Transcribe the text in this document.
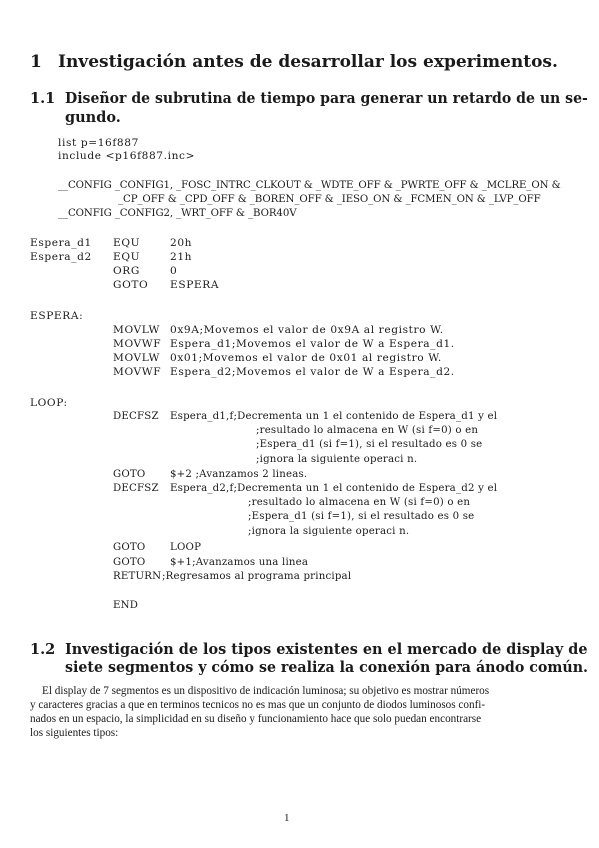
1 Investigación antes de desarrollar los experimentos.
1.1 Diseñor de subrutina de tiempo para generar un retardo de un se-
gundo.
list p=16f887
include <p16f887.inc>
__CONFIG _CONFIG1, _FOSC_INTRC_CLKOUT & _WDTE_OFF & _PWRTE_OFF & _MCLRE_ON &
_CP_OFF & _CPD_OFF & _BOREN_OFF & _IESO_ON & _FCMEN_ON & _LVP_OFF
__CONFIG _CONFIG2, _WRT_OFF & _BOR40V
Espera_d1 EQU	20h
Espera_d2 EQU	21h
ORG	0
GOTO ESPERA
ESPERA:
MOVLW 0x9A;Movemos el valor de 0x9A al registro W.
MOVWF Espera_d1;Movemos el valor de W a Espera_d1.
MOVLW 0x01;Movemos el valor de 0x01 al registro W.
MOVWF Espera_d2;Movemos el valor de W a Espera_d2.
LOOP:
DECFSZ Espera_d1,f;Decrementa un 1 el contenido de Espera_d1 y el
;resultado lo almacena en W (si f=0) o en
;Espera_d1 (si f=1), si el resultado es 0 se
;ignora la siguiente operaci n.
GOTO $+2 ;Avanzamos 2 lineas.
DECFSZ Espera_d2,f;Decrementa un 1 el contenido de Espera_d2 y el
;resultado lo almacena en W (si f=0) o en
;Espera_d1 (si f=1), si el resultado es 0 se
;ignora la siguiente operaci n.
GOTO LOOP
GOTO $+1;Avanzamos una linea
RETURN ;Regresamos al programa principal
END
1.2 Investigación de los tipos existentes en el mercado de display de
siete segmentos y cómo se realiza la conexión para ánodo común.
El display de 7 segmentos es un dispositivo de indicación luminosa; su objetivo es mostrar números
y caracteres gracias a que en terminos tecnicos no es mas que un conjunto de diodos luminosos confi-
nados en un espacio, la simplicidad en su diseño y funcionamiento hace que solo puedan encontrarse
los siguientes tipos:
1
